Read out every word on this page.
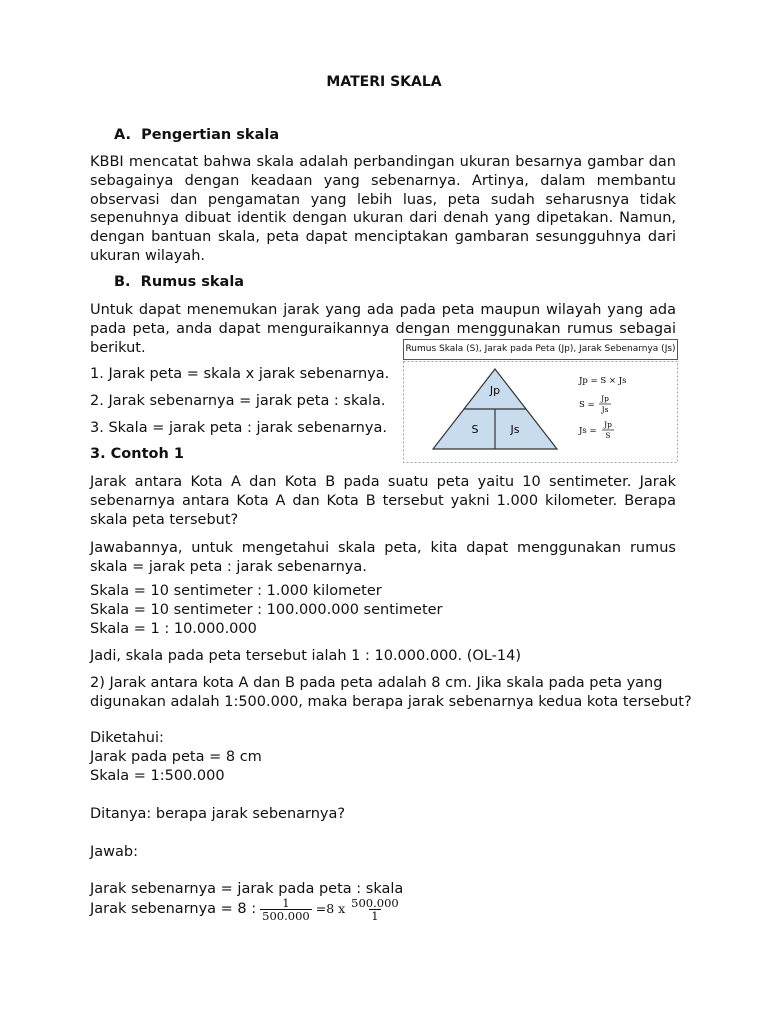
MATERI SKALA
A.  Pengertian skala
KBBI mencatat bahwa skala adalah perbandingan ukuran besarnya gambar dan sebagainya dengan keadaan yang sebenarnya. Artinya, dalam membantu observasi dan pengamatan yang lebih luas, peta sudah seharusnya tidak sepenuhnya dibuat identik dengan ukuran dari denah yang dipetakan. Namun, dengan bantuan skala, peta dapat menciptakan gambaran sesungguhnya dari ukuran wilayah.
B.  Rumus skala
Untuk dapat menemukan jarak yang ada pada peta maupun wilayah yang ada
pada peta, anda dapat menguraikannya dengan menggunakan rumus sebagai
berikut.
1. Jarak peta = skala x jarak sebenarnya.
2. Jarak sebenarnya = jarak peta : skala.
3. Skala = jarak peta : jarak sebenarnya.
Rumus Skala (S), Jarak pada Peta (Jp), Jarak Sebenarnya (Js)
Jp
S	Js
Jp = S × Js
S =
Jp
Js
Js =
Jp
S
3. Contoh 1
Jarak antara Kota A dan Kota B pada suatu peta yaitu 10 sentimeter. Jarak sebenarnya antara Kota A dan Kota B tersebut yakni 1.000 kilometer. Berapa skala peta tersebut?
Jawabannya, untuk mengetahui skala peta, kita dapat menggunakan rumus skala = jarak peta : jarak sebenarnya.
Skala = 10 sentimeter : 1.000 kilometer
Skala = 10 sentimeter : 100.000.000 sentimeter
Skala = 1 : 10.000.000
Jadi, skala pada peta tersebut ialah 1 : 10.000.000. (OL-14)
2) Jarak antara kota A dan B pada peta adalah 8 cm. Jika skala pada peta yang
digunakan adalah 1:500.000, maka berapa jarak sebenarnya kedua kota tersebut?
Diketahui:
Jarak pada peta = 8 cm
Skala = 1:500.000
Ditanya: berapa jarak sebenarnya?
Jawab:
Jarak sebenarnya = jarak pada peta : skala
Jarak sebenarnya = 8 : $\frac{1}{500.000} =8$ x $\frac{500.000}{1}$
